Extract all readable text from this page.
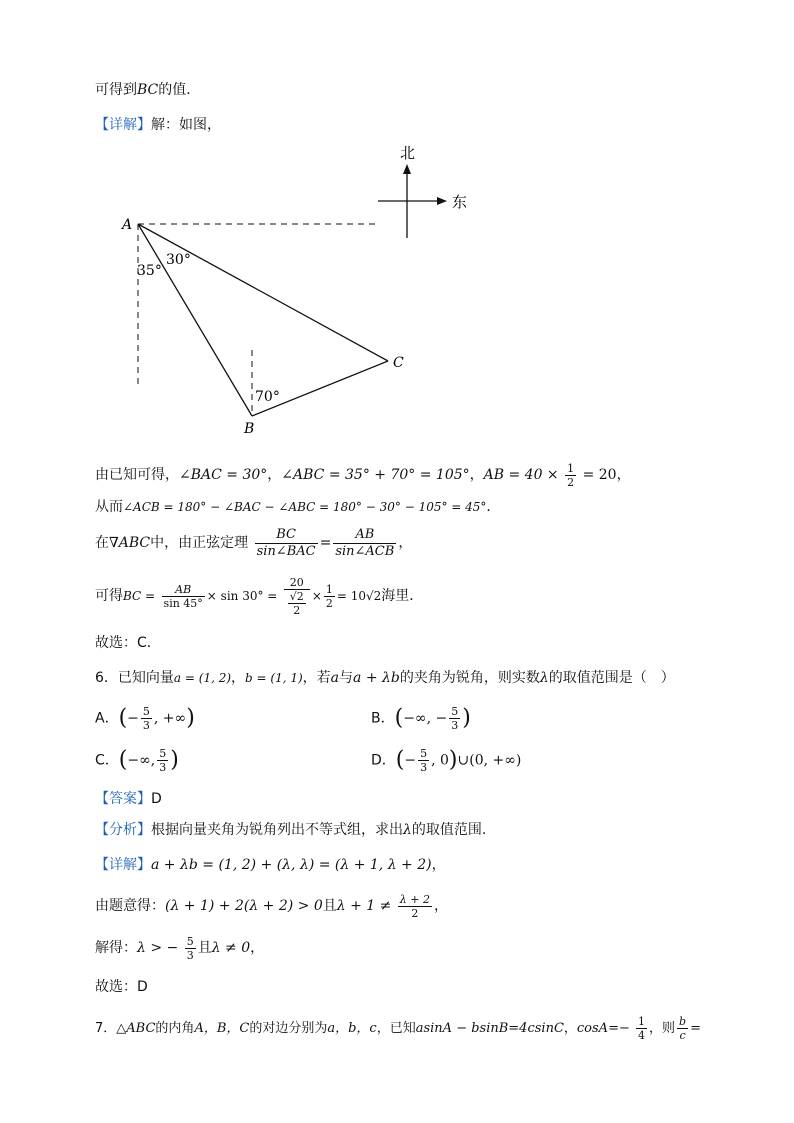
可得到BC的值．
【详解】解：如图，
北
东
A
B
C
30°
35°
70°
由已知可得，∠BAC = 30°，∠ABC = 35° + 70° = 105°，AB = $40 \times \frac{1}{2} = 20$，
从而∠ACB = 180° − ∠BAC − ∠ABC = 180° − 30° − 105° = 45°．
在∇ABC中，由正弦定理 $\frac{BC}{\text{sin∠BAC}} = \frac{AB}{\text{sin∠ACB}}$ ，
可得BC = $\frac{AB}{\sin 45^\circ} \times \sin 30^\circ = \frac{20}{\frac{√2}{2}} \times \frac{1}{2} = 10√2$海里．
故选：C．
6．已知向量a = (1, 2)，b = (1, 1)，若a与a + λb的夹角为锐角，则实数λ的取值范围是（　）
A．(− $\frac{5}{3}$ , +∞)	B．(−∞, − $\frac{5}{3}$ )
C．(−∞, $\frac{5}{3}$ )	D．(− $\frac{5}{3}$ , 0)∪(0, +∞)
【答案】D
【分析】根据向量夹角为锐角列出不等式组，求出λ的取值范围.
【详解】a + λb = (1, 2) + (λ, λ) = (λ + 1, λ + 2)，
由题意得：(λ + 1) + 2(λ + 2) > 0且$\lambda + 1 \ne \frac{\lambda + 2}{2}$ ，
解得：λ > − $\frac{5}{3}$ 且λ ≠ 0，
故选：D
7．△ABC的内角A，B，C的对边分别为a，b，c，已知asinA − bsinB=4csinC，$\cos A=- \frac{1}{4}$ ，则 $\frac{b}{c}$ =
